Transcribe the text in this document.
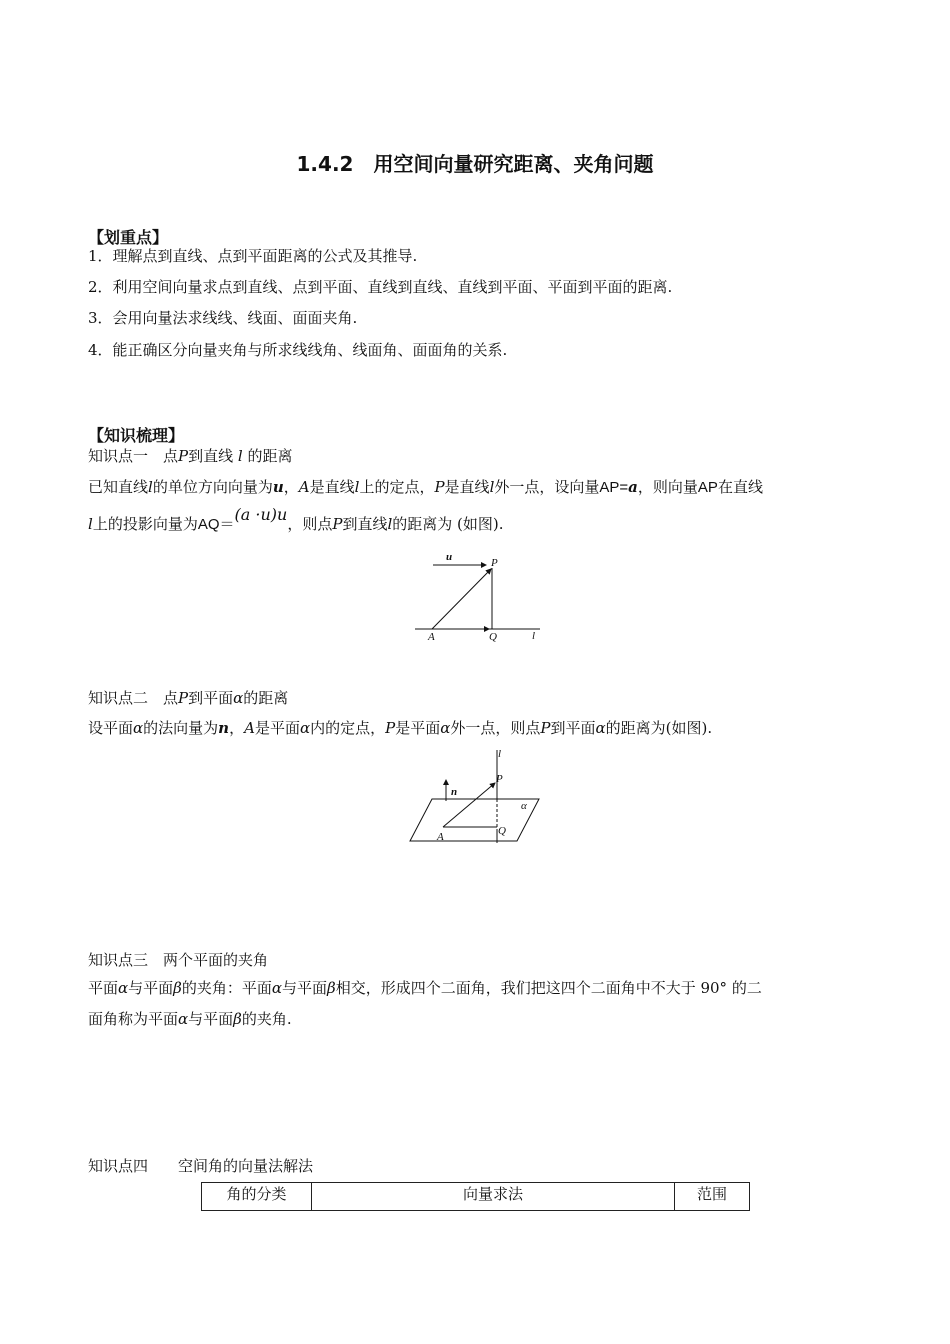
1.4.2　用空间向量研究距离、夹角问题
【划重点】
1．理解点到直线、点到平面距离的公式及其推导.
2．利用空间向量求点到直线、点到平面、直线到直线、直线到平面、平面到平面的距离.
3．会用向量法求线线、线面、面面夹角.
4．能正确区分向量夹角与所求线线角、线面角、面面角的关系.
【知识梳理】
知识点一　点P到直线 l 的距离
已知直线l的单位方向向量为u，A是直线l上的定点，P是直线l外一点，设向量AP=a，则向量AP在直线
l上的投影向量为AQ＝(a ·u)u，则点P到直线l的距离为 (如图).
u	P
A	Q	l
知识点二　点P到平面α的距离
设平面α的法向量为n，A是平面α内的定点，P是平面α外一点，则点P到平面α的距离为(如图).
l
P
n
α
A	Q
知识点三　两个平面的夹角
平面α与平面β的夹角：平面α与平面β相交，形成四个二面角，我们把这四个二面角中不大于 90° 的二
面角称为平面α与平面β的夹角.
知识点四　　空间角的向量法解法
角的分类	向量求法	范围
